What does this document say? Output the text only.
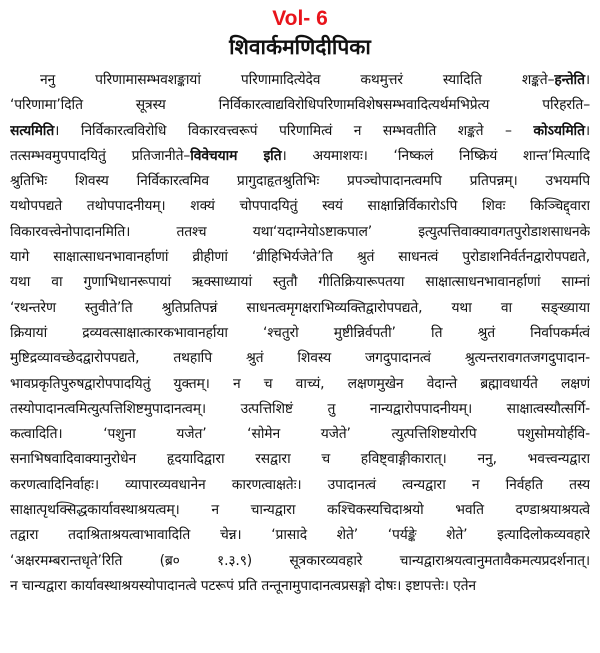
Vol- 6
शिवार्कमणिदीपिका
ननु परिणामासम्भवशङ्कायां परिणामादित्येदेव कथमुत्तरं स्यादिति शङ्कते–हन्तेति।
‘परिणामा’दिति सूत्रस्य निर्विकारत्वाद्यविरोधिपरिणामविशेषसम्भवादित्यर्थमभिप्रेत्य परिहरति–
सत्यमिति। निर्विकारत्वविरोधि विकारवत्त्वरूपं परिणामित्वं न सम्भवतीति शङ्कते – कोऽयमिति।
तत्सम्भवमुपपादयितुं प्रतिजानीते–विवेचयाम इति। अयमाशयः। ‘निष्कलं निष्क्रियं शान्त’मित्यादि
श्रुतिभिः शिवस्य निर्विकारत्वमिव प्रागुदाहृतश्रुतिभिः प्रपञ्चोपादानत्वमपि प्रतिपन्नम्। उभयमपि
यथोपपद्यते तथोपपादनीयम्। शक्यं चोपपादयितुं स्वयं साक्षान्निर्विकारोऽपि शिवः किञ्चिद्द्वारा
विकारवत्त्वेनोपादानमिति। ततश्च यथा‘यदाग्नेयोऽष्टाकपाल’ इत्युत्पत्तिवाक्यावगतपुरोडाशसाधनके
यागे साक्षात्साधनभावानर्हाणां व्रीहीणां ‘व्रीहिभिर्यजेते’ति श्रुतं साधनत्वं पुरोडाशनिर्वर्तनद्वारोपपद्यते,
यथा वा गुणाभिधानरूपायां ऋक्साध्यायां स्तुतौ गीतिक्रियारूपतया साक्षात्साधनभावानर्हाणां साम्नां
‘रथन्तरेण स्तुवीते’ति श्रुतिप्रतिपन्नं साधनत्वमृगक्षराभिव्यक्तिद्वारोपपद्यते, यथा वा सङ्ख्याया
क्रियायां द्रव्यवत्साक्षात्कारकभावानर्हाया ‘श्चतुरो मुष्टीन्निर्वपती’ ति श्रुतं निर्वापकर्मत्वं
मुष्टिद्रव्यावच्छेदद्वारोपपद्यते, तथहापि श्रुतं शिवस्य जगदुपादानत्वं श्रुत्यन्तरावगतजगदुपादान-
भावप्रकृतिपुरुषद्वारोपपादयितुं युक्तम्। न च वाच्यं, लक्षणमुखेन वेदान्ते ब्रह्मावधार्यते लक्षणं
तस्योपादानत्वमित्युत्पत्तिशिष्टमुपादानत्वम्। उत्पत्तिशिष्टं तु नान्यद्वारोपपादनीयम्। साक्षात्वस्यौत्सर्गि-
कत्वादिति। ‘पशुना यजेत’ ‘सोमेन यजेते’ त्युत्पत्तिशिष्टयोरपि पशुसोमयोर्हवि-
सनाभिषवादिवाक्यानुरोधेन हृदयादिद्वारा रसद्वारा च हविष्ट्वाङ्गीकारात्। ननु, भवत्त्वन्यद्वारा
करणत्वादिनिर्वाहः। व्यापारव्यवधानेन कारणत्वाक्षतेः। उपादानत्वं त्वन्यद्वारा न निर्वहति तस्य
साक्षात्पृथक्सिद्धकार्यावस्थाश्रयत्वम्। न चान्यद्वारा कश्चिकस्यचिदाश्रयो भवति दण्डाश्रयाश्रयत्वे
तद्वारा तदाश्रिताश्रयत्वाभावादिति चेन्न। ‘प्रासादे शेते’ ‘पर्यङ्के शेते’ इत्यादिलोकव्यवहारे
‘अक्षरमम्बरान्तधृते’रिति (ब्र० १.३.९) सूत्रकारव्यवहारे चान्यद्वाराश्रयत्वानुमतावैकमत्यप्रदर्शनात्।
न चान्यद्वारा कार्यावस्थाश्रयस्योपादानत्वे पटरूपं प्रति तन्तूनामुपादानत्वप्रसङ्गो दोषः। इष्टापत्तेः। एतेन
